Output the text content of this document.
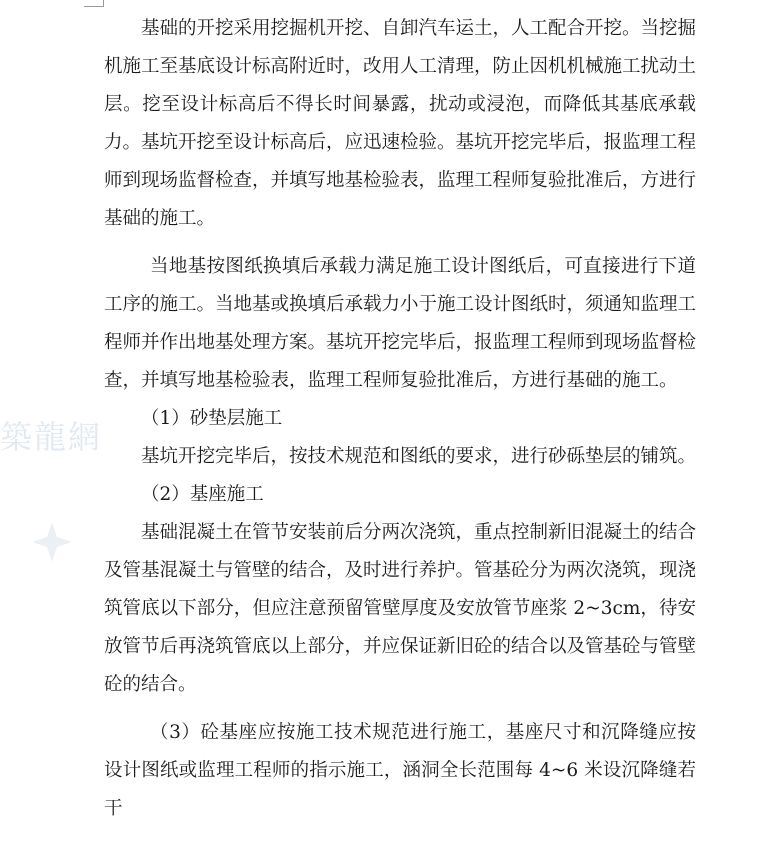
築龍網

基础的开挖采用挖掘机开挖、自卸汽车运土，人工配合开挖。当挖掘机施工至基底设计标高附近时，改用人工清理，防止因机机械施工扰动土层。挖至设计标高后不得长时间暴露，扰动或浸泡，而降低其基底承载力。基坑开挖至设计标高后，应迅速检验。基坑开挖完毕后，报监理工程师到现场监督检查，并填写地基检验表，监理工程师复验批准后，方进行基础的施工。

当地基按图纸换填后承载力满足施工设计图纸后，可直接进行下道工序的施工。当地基或换填后承载力小于施工设计图纸时，须通知监理工程师并作出地基处理方案。基坑开挖完毕后，报监理工程师到现场监督检查，并填写地基检验表，监理工程师复验批准后，方进行基础的施工。

（1）砂垫层施工

基坑开挖完毕后，按技术规范和图纸的要求，进行砂砾垫层的铺筑。

（2）基座施工

基础混凝土在管节安装前后分两次浇筑，重点控制新旧混凝土的结合及管基混凝土与管壁的结合，及时进行养护。管基砼分为两次浇筑，现浇筑管底以下部分，但应注意预留管壁厚度及安放管节座浆 2~3cm，待安放管节后再浇筑管底以上部分，并应保证新旧砼的结合以及管基砼与管壁砼的结合。

（3）砼基座应按施工技术规范进行施工，基座尺寸和沉降缝应按设计图纸或监理工程师的指示施工，涵洞全长范围每 4~6 米设沉降缝若干
